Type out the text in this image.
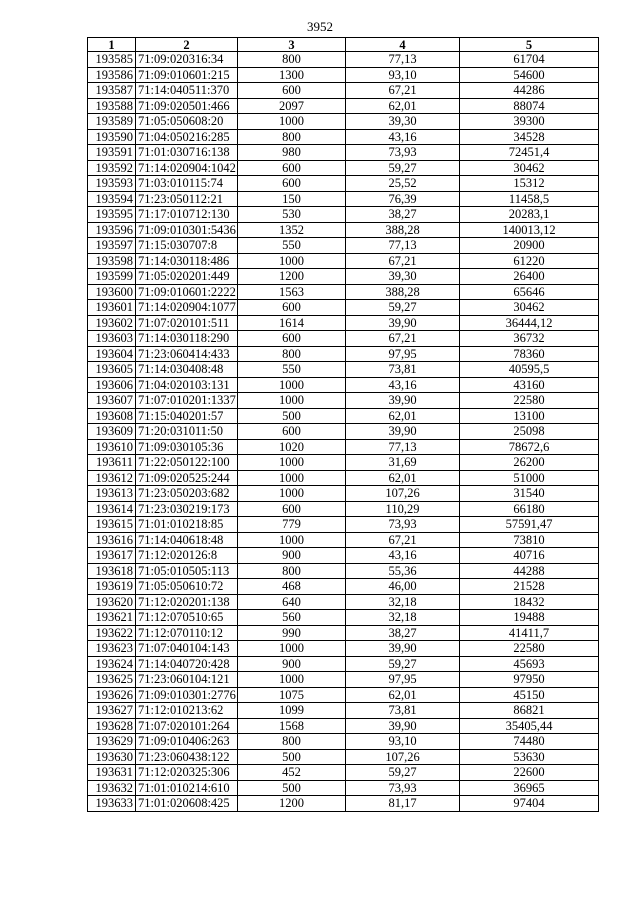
3952
1	2	3	4	5
193585	71:09:020316:34	800	77,13	61704
193586	71:09:010601:215	1300	93,10	54600
193587	71:14:040511:370	600	67,21	44286
193588	71:09:020501:466	2097	62,01	88074
193589	71:05:050608:20	1000	39,30	39300
193590	71:04:050216:285	800	43,16	34528
193591	71:01:030716:138	980	73,93	72451,4
193592	71:14:020904:1042	600	59,27	30462
193593	71:03:010115:74	600	25,52	15312
193594	71:23:050112:21	150	76,39	11458,5
193595	71:17:010712:130	530	38,27	20283,1
193596	71:09:010301:5436	1352	388,28	140013,12
193597	71:15:030707:8	550	77,13	20900
193598	71:14:030118:486	1000	67,21	61220
193599	71:05:020201:449	1200	39,30	26400
193600	71:09:010601:2222	1563	388,28	65646
193601	71:14:020904:1077	600	59,27	30462
193602	71:07:020101:511	1614	39,90	36444,12
193603	71:14:030118:290	600	67,21	36732
193604	71:23:060414:433	800	97,95	78360
193605	71:14:030408:48	550	73,81	40595,5
193606	71:04:020103:131	1000	43,16	43160
193607	71:07:010201:1337	1000	39,90	22580
193608	71:15:040201:57	500	62,01	13100
193609	71:20:031011:50	600	39,90	25098
193610	71:09:030105:36	1020	77,13	78672,6
193611	71:22:050122:100	1000	31,69	26200
193612	71:09:020525:244	1000	62,01	51000
193613	71:23:050203:682	1000	107,26	31540
193614	71:23:030219:173	600	110,29	66180
193615	71:01:010218:85	779	73,93	57591,47
193616	71:14:040618:48	1000	67,21	73810
193617	71:12:020126:8	900	43,16	40716
193618	71:05:010505:113	800	55,36	44288
193619	71:05:050610:72	468	46,00	21528
193620	71:12:020201:138	640	32,18	18432
193621	71:12:070510:65	560	32,18	19488
193622	71:12:070110:12	990	38,27	41411,7
193623	71:07:040104:143	1000	39,90	22580
193624	71:14:040720:428	900	59,27	45693
193625	71:23:060104:121	1000	97,95	97950
193626	71:09:010301:2776	1075	62,01	45150
193627	71:12:010213:62	1099	73,81	86821
193628	71:07:020101:264	1568	39,90	35405,44
193629	71:09:010406:263	800	93,10	74480
193630	71:23:060438:122	500	107,26	53630
193631	71:12:020325:306	452	59,27	22600
193632	71:01:010214:610	500	73,93	36965
193633	71:01:020608:425	1200	81,17	97404
